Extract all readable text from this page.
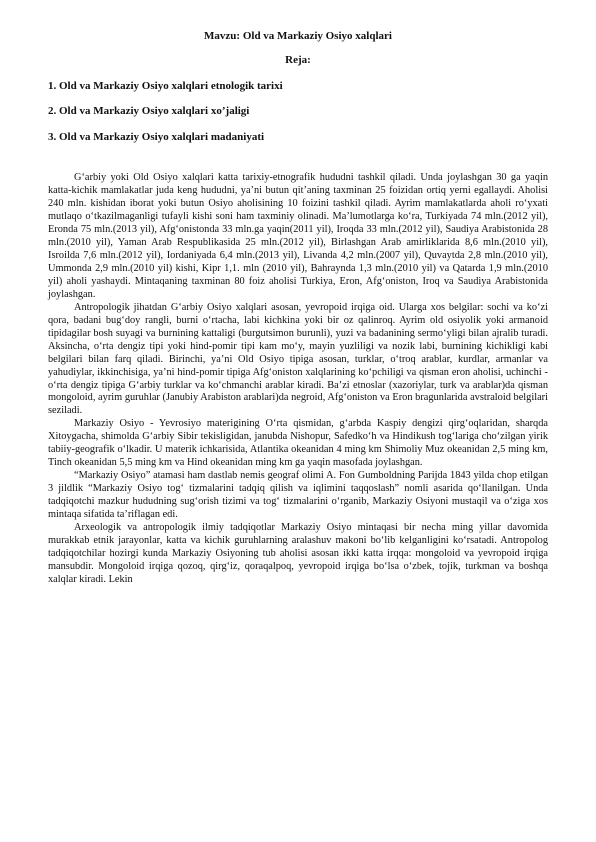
Mavzu: Old va Markaziy Osiyo xalqlari
Reja:
1. Old va Markaziy Osiyo xalqlari etnologik tarixi
2. Old va Markaziy Osiyo xalqlari xo’jaligi
3. Old va Markaziy Osiyo xalqlari madaniyati

G‘arbiy yoki Old Osiyo xalqlari katta tarixiy-etnografik hududni tashkil qiladi. Unda joylashgan 30 ga yaqin katta-kichik mamlakatlar juda keng hududni, ya’ni butun qit’aning taxminan 25 foizidan ortiq yerni egallaydi. Aholisi 240 mln. kishidan iborat yoki butun Osiyo aholisining 10 foizini tashkil qiladi. Ayrim mamlakatlarda aholi ro‘yxati mutlaqo o‘tkazilmaganligi tufayli kishi soni ham taxminiy olinadi. Ma’lumotlarga ko‘ra, Turkiyada 74 mln.(2012 yil), Eronda 75 mln.(2013 yil), Afg‘onistonda 33 mln.ga yaqin(2011 yil), Iroqda 33 mln.(2012 yil), Saudiya Arabistonida 28 mln.(2010 yil), Yaman Arab Respublikasida 25 mln.(2012 yil), Birlashgan Arab amirliklarida 8,6 mln.(2010 yil), Isroilda 7,6 mln.(2012 yil), Iordaniyada 6,4 mln.(2013 yil), Livanda 4,2 mln.(2007 yil), Quvaytda 2,8 mln.(2010 yil), Ummonda 2,9 mln.(2010 yil) kishi, Kipr 1,1. mln (2010 yil), Bahraynda 1,3 mln.(2010 yil) va Qatarda 1,9 mln.(2010 yil) aholi yashaydi. Mintaqaning taxminan 80 foiz aholisi Turkiya, Eron, Afg‘oniston, Iroq va Saudiya Arabistonida joylashgan.

Antropologik jihatdan G‘arbiy Osiyo xalqlari asosan, yevropoid irqiga oid. Ularga xos belgilar: sochi va ko‘zi qora, badani bug‘doy rangli, burni o‘rtacha, labi kichkina yoki bir oz qalinroq. Ayrim old osiyolik yoki armanoid tipidagilar bosh suyagi va burnining kattaligi (burgutsimon burunli), yuzi va badanining sermo‘yligi bilan ajralib turadi. Aksincha, o‘rta dengiz tipi yoki hind-pomir tipi kam mo‘y, mayin yuzliligi va nozik labi, burnining kichikligi kabi belgilari bilan farq qiladi. Birinchi, ya’ni Old Osiyo tipiga asosan, turklar, o‘troq arablar, kurdlar, armanlar va yahudiylar, ikkinchisiga, ya’ni hind-pomir tipiga Afg‘oniston xalqlarining ko‘pchiligi va qisman eron aholisi, uchinchi - o‘rta dengiz tipiga G‘arbiy turklar va ko‘chmanchi arablar kiradi. Ba’zi etnoslar (xazoriylar, turk va arablar)da qisman mongoloid, ayrim guruhlar (Janubiy Arabiston arablari)da negroid, Afg‘oniston va Eron bragunlarida avstraloid belgilari seziladi.

Markaziy Osiyo - Yevrosiyo materigining O‘rta qismidan, g‘arbda Kaspiy dengizi qirg‘oqlaridan, sharqda Xitoygacha, shimolda G‘arbiy Sibir tekisligidan, janubda Nishopur, Safedko‘h va Hindikush tog‘lariga cho‘zilgan yirik tabiiy-geografik o‘lkadir. U materik ichkarisida, Atlantika okeanidan 4 ming km Shimoliy Muz okeanidan 2,5 ming km, Tinch okeanidan 5,5 ming km va Hind okeanidan ming km ga yaqin masofada joylashgan.

“Markaziy Osiyo” atamasi ham dastlab nemis geograf olimi A. Fon Gumboldning Parijda 1843 yilda chop etilgan 3 jildlik “Markaziy Osiyo tog‘ tizmalarini tadqiq qilish va iqlimini taqqoslash” nomli asarida qo‘llanilgan. Unda tadqiqotchi mazkur hududning sug‘orish tizimi va tog‘ tizmalarini o‘rganib, Markaziy Osiyoni mustaqil va o‘ziga xos mintaqa sifatida ta’riflagan edi.

Arxeologik va antropologik ilmiy tadqiqotlar Markaziy Osiyo mintaqasi bir necha ming yillar davomida murakkab etnik jarayonlar, katta va kichik guruhlarning aralashuv makoni bo‘lib kelganligini ko‘rsatadi. Antropolog tadqiqotchilar hozirgi kunda Markaziy Osiyoning tub aholisi asosan ikki katta irqqa: mongoloid va yevropoid irqiga mansubdir. Mongoloid irqiga qozoq, qirg‘iz, qoraqalpoq, yevropoid irqiga bo‘lsa o‘zbek, tojik, turkman va boshqa xalqlar kiradi. Lekin
